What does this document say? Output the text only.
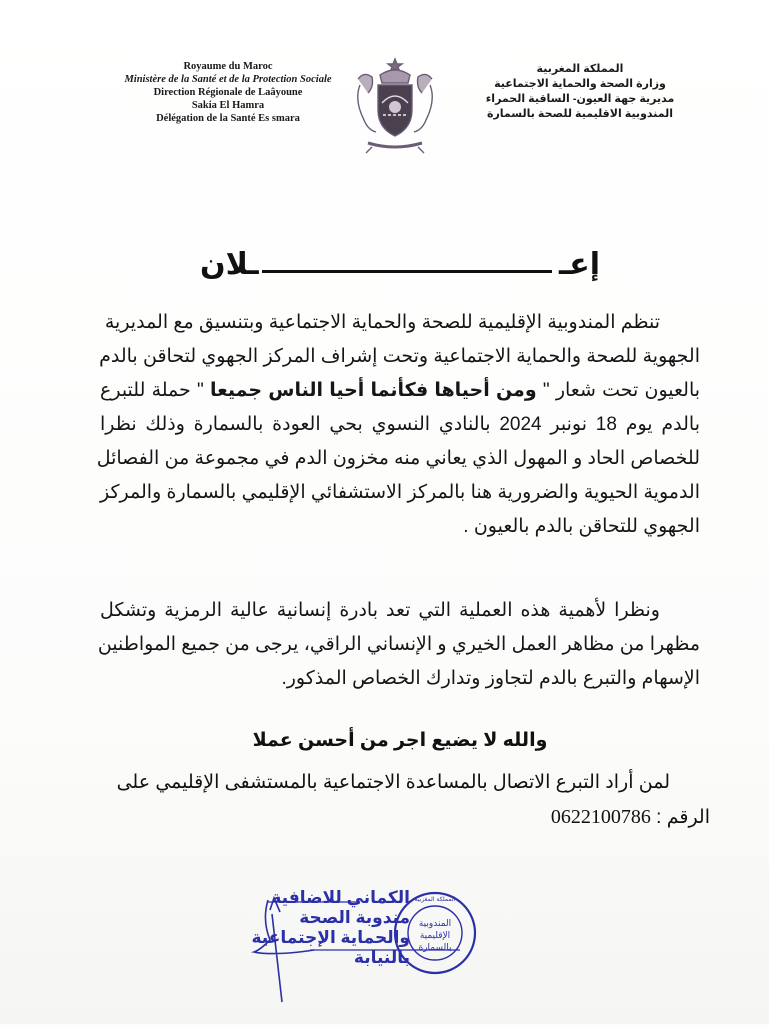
Royaume du Maroc
Ministère de la Santé et de la Protection Sociale
Direction Régionale de Laâyoune
Sakia El Hamra
Délégation de la Santé Es smara
المملكة المغربية
وزارة الصحة والحماية الاجتماعية
مديرية جهة العيون- الساقية الحمراء
المندوبية الاقليمية للصحة بالسمارة
إعـ
ـلان
تنظم المندوبية الإقليمية للصحة والحماية الاجتماعية وبتنسيق مع المديرية
الجهوية للصحة والحماية الاجتماعية وتحت إشراف المركز الجهوي لتحاقن بالدم
بالعيون تحت شعار " ومن أحياها فكأنما أحيا الناس جميعا " حملة للتبرع
بالدم يوم 18 نونبر 2024 بالنادي النسوي بحي العودة بالسمارة وذلك نظرا
للخصاص الحاد و المهول الذي يعاني منه مخزون الدم في مجموعة من الفصائل
الدموية الحيوية والضرورية هنا بالمركز الاستشفائي الإقليمي بالسمارة والمركز
الجهوي للتحاقن بالدم بالعيون .
ونظرا لأهمية هذه العملية التي تعد بادرة إنسانية عالية الرمزية وتشكل
مظهرا من مظاهر العمل الخيري و الإنساني الراقي، يرجى من جميع المواطنين
الإسهام والتبرع بالدم لتجاوز وتدارك الخصاص المذكور.
والله لا يضيع اجر من أحسن عملا
لمن أراد التبرع الاتصال بالمساعدة الاجتماعية بالمستشفى الإقليمي على
الرقم : 0622100786
الكماني للاضافية
مندوبة الصحة
والحماية الإجتماعية
بالنيابة
المندوبية
الإقليمية
بالسمارة
المملكة المغربية
